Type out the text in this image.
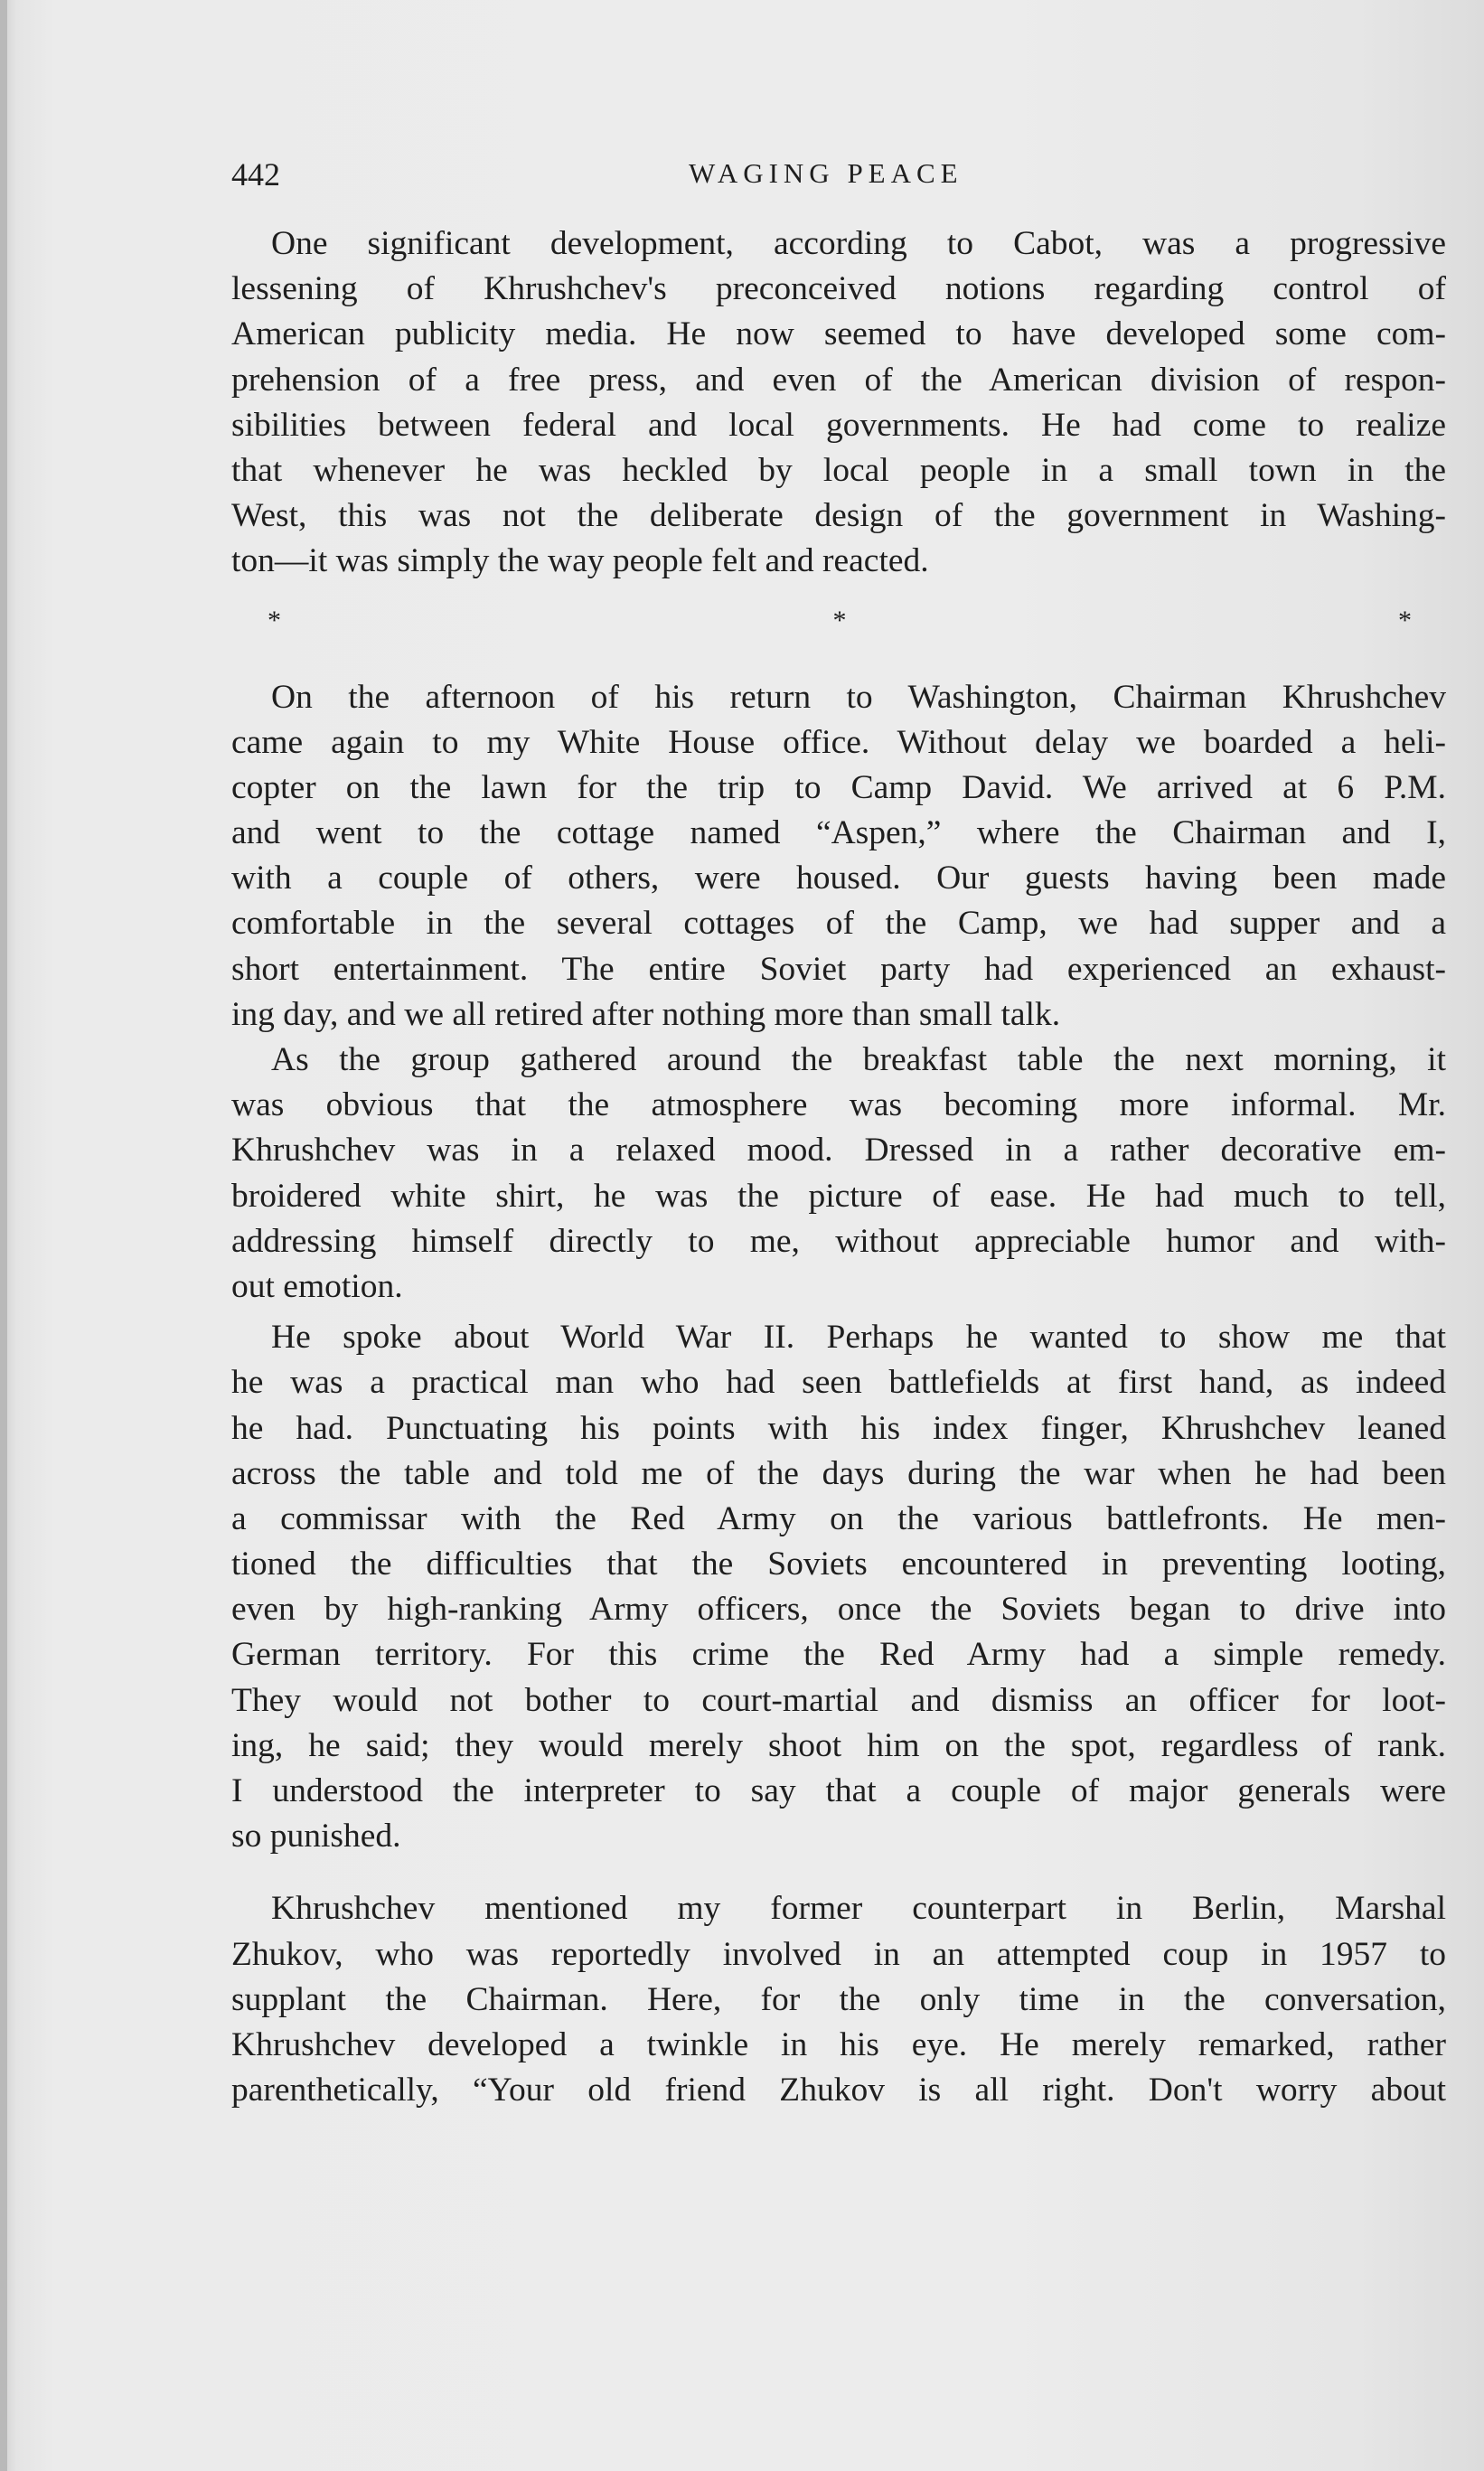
442	WAGING PEACE
One significant development, according to Cabot, was a progressive
lessening of Khrushchev's preconceived notions regarding control of
American publicity media. He now seemed to have developed some com-
prehension of a free press, and even of the American division of respon-
sibilities between federal and local governments. He had come to realize
that whenever he was heckled by local people in a small town in the
West, this was not the deliberate design of the government in Washing-
ton—it was simply the way people felt and reacted.
* * *
On the afternoon of his return to Washington, Chairman Khrushchev
came again to my White House office. Without delay we boarded a heli-
copter on the lawn for the trip to Camp David. We arrived at 6 P.M.
and went to the cottage named “Aspen,” where the Chairman and I,
with a couple of others, were housed. Our guests having been made
comfortable in the several cottages of the Camp, we had supper and a
short entertainment. The entire Soviet party had experienced an exhaust-
ing day, and we all retired after nothing more than small talk.
As the group gathered around the breakfast table the next morning, it
was obvious that the atmosphere was becoming more informal. Mr.
Khrushchev was in a relaxed mood. Dressed in a rather decorative em-
broidered white shirt, he was the picture of ease. He had much to tell,
addressing himself directly to me, without appreciable humor and with-
out emotion.
He spoke about World War II. Perhaps he wanted to show me that
he was a practical man who had seen battlefields at first hand, as indeed
he had. Punctuating his points with his index finger, Khrushchev leaned
across the table and told me of the days during the war when he had been
a commissar with the Red Army on the various battlefronts. He men-
tioned the difficulties that the Soviets encountered in preventing looting,
even by high-ranking Army officers, once the Soviets began to drive into
German territory. For this crime the Red Army had a simple remedy.
They would not bother to court-martial and dismiss an officer for loot-
ing, he said; they would merely shoot him on the spot, regardless of rank.
I understood the interpreter to say that a couple of major generals were
so punished.
Khrushchev mentioned my former counterpart in Berlin, Marshal
Zhukov, who was reportedly involved in an attempted coup in 1957 to
supplant the Chairman. Here, for the only time in the conversation,
Khrushchev developed a twinkle in his eye. He merely remarked, rather
parenthetically, “Your old friend Zhukov is all right. Don't worry about
